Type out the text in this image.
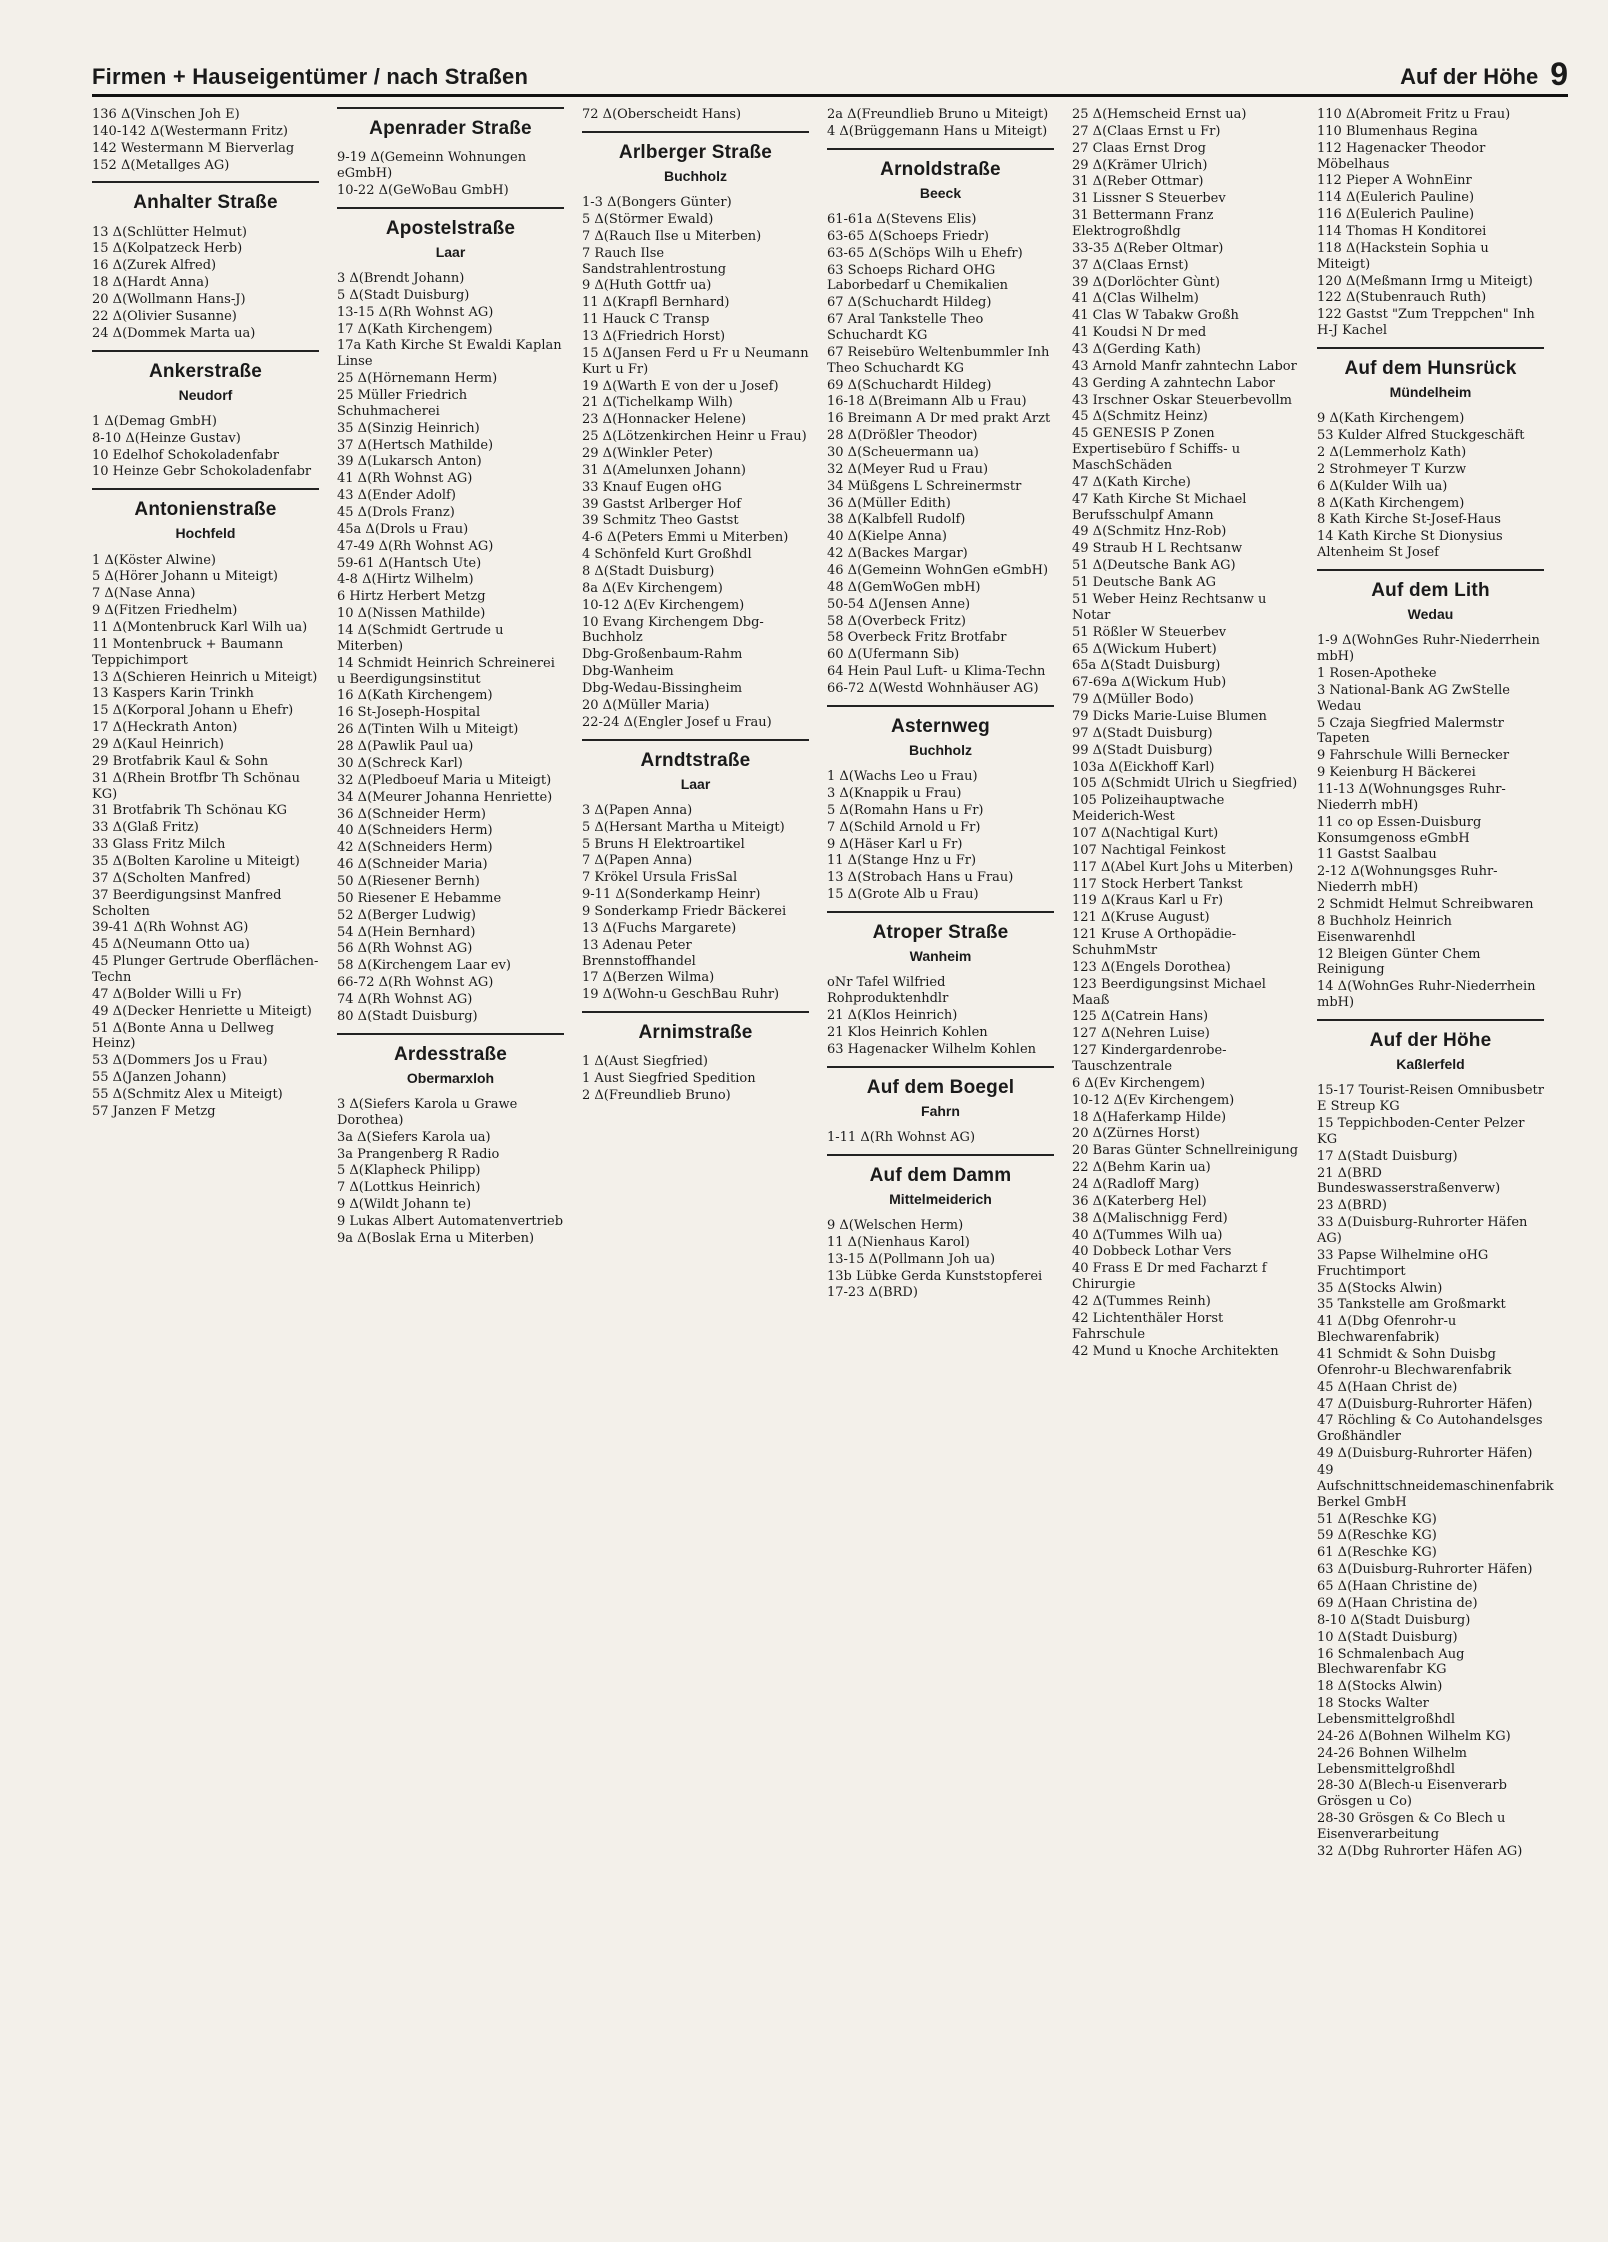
Firmen + Hauseigentümer / nach Straßen	Auf der Höhe 9
136 Δ(Vinschen Joh E)
140-142 Δ(Westermann Fritz)
142 Westermann M Bierverlag
152 Δ(Metallges AG)
Anhalter Straße
13 Δ(Schlütter Helmut)
15 Δ(Kolpatzeck Herb)
16 Δ(Zurek Alfred)
18 Δ(Hardt Anna)
20 Δ(Wollmann Hans-J)
22 Δ(Olivier Susanne)
24 Δ(Dommek Marta ua)
Ankerstraße
Neudorf
1 Δ(Demag GmbH)
8-10 Δ(Heinze Gustav)
10 Edelhof Schokoladenfabr
10 Heinze Gebr Schokoladenfabr
Antonienstraße
Hochfeld
1 Δ(Köster Alwine)
5 Δ(Hörer Johann u Miteigt)
7 Δ(Nase Anna)
9 Δ(Fitzen Friedhelm)
11 Δ(Montenbruck Karl Wilh ua)
11 Montenbruck + Baumann Teppichimport
13 Δ(Schieren Heinrich u Miteigt)
13 Kaspers Karin Trinkh
15 Δ(Korporal Johann u Ehefr)
17 Δ(Heckrath Anton)
29 Δ(Kaul Heinrich)
29 Brotfabrik Kaul & Sohn
31 Δ(Rhein Brotfbr Th Schönau KG)
31 Brotfabrik Th Schönau KG
33 Δ(Glaß Fritz)
33 Glass Fritz Milch
35 Δ(Bolten Karoline u Miteigt)
37 Δ(Scholten Manfred)
37 Beerdigungsinst Manfred Scholten
39-41 Δ(Rh Wohnst AG)
45 Δ(Neumann Otto ua)
45 Plunger Gertrude OberflächenTechn
47 Δ(Bolder Willi u Fr)
49 Δ(Decker Henriette u Miteigt)
51 Δ(Bonte Anna u Dellweg Heinz)
53 Δ(Dommers Jos u Frau)
55 Δ(Janzen Johann)
55 Δ(Schmitz Alex u Miteigt)
57 Janzen F Metzg
Apenrader Straße
9-19 Δ(Gemeinn Wohnungen eGmbH)
10-22 Δ(GeWoBau GmbH)
Apostelstraße
Laar
3 Δ(Brendt Johann)
5 Δ(Stadt Duisburg)
13-15 Δ(Rh Wohnst AG)
17 Δ(Kath Kirchengem)
17a Kath Kirche St Ewaldi Kaplan Linse
25 Δ(Hörnemann Herm)
25 Müller Friedrich Schuhmacherei
35 Δ(Sinzig Heinrich)
37 Δ(Hertsch Mathilde)
39 Δ(Lukarsch Anton)
41 Δ(Rh Wohnst AG)
43 Δ(Ender Adolf)
45 Δ(Drols Franz)
45a Δ(Drols u Frau)
47-49 Δ(Rh Wohnst AG)
59-61 Δ(Hantsch Ute)
4-8 Δ(Hirtz Wilhelm)
6 Hirtz Herbert Metzg
10 Δ(Nissen Mathilde)
14 Δ(Schmidt Gertrude u Miterben)
14 Schmidt Heinrich Schreinerei u Beerdigungsinstitut
16 Δ(Kath Kirchengem)
16 St-Joseph-Hospital
26 Δ(Tinten Wilh u Miteigt)
28 Δ(Pawlik Paul ua)
30 Δ(Schreck Karl)
32 Δ(Pledboeuf Maria u Miteigt)
34 Δ(Meurer Johanna Henriette)
36 Δ(Schneider Herm)
40 Δ(Schneiders Herm)
42 Δ(Schneiders Herm)
46 Δ(Schneider Maria)
50 Δ(Riesener Bernh)
50 Riesener E Hebamme
52 Δ(Berger Ludwig)
54 Δ(Hein Bernhard)
56 Δ(Rh Wohnst AG)
58 Δ(Kirchengem Laar ev)
66-72 Δ(Rh Wohnst AG)
74 Δ(Rh Wohnst AG)
80 Δ(Stadt Duisburg)
Ardesstraße
Obermarxloh
3 Δ(Siefers Karola u Grawe Dorothea)
3a Δ(Siefers Karola ua)
3a Prangenberg R Radio
5 Δ(Klapheck Philipp)
7 Δ(Lottkus Heinrich)
9 Δ(Wildt Johann te)
9 Lukas Albert Automatenvertrieb
9a Δ(Boslak Erna u Miterben)
72 Δ(Oberscheidt Hans)
Arlberger Straße
Buchholz
1-3 Δ(Bongers Günter)
5 Δ(Störmer Ewald)
7 Δ(Rauch Ilse u Miterben)
7 Rauch Ilse Sandstrahlentrostung
9 Δ(Huth Gottfr ua)
11 Δ(Krapfl Bernhard)
11 Hauck C Transp
13 Δ(Friedrich Horst)
15 Δ(Jansen Ferd u Fr u Neumann Kurt u Fr)
19 Δ(Warth E von der u Josef)
21 Δ(Tichelkamp Wilh)
23 Δ(Honnacker Helene)
25 Δ(Lötzenkirchen Heinr u Frau)
29 Δ(Winkler Peter)
31 Δ(Amelunxen Johann)
33 Knauf Eugen oHG
39 Gastst Arlberger Hof
39 Schmitz Theo Gastst
4-6 Δ(Peters Emmi u Miterben)
4 Schönfeld Kurt Großhdl
8 Δ(Stadt Duisburg)
8a Δ(Ev Kirchengem)
10-12 Δ(Ev Kirchengem)
10 Evang Kirchengem Dbg-Buchholz
Dbg-Großenbaum-Rahm
Dbg-Wanheim
Dbg-Wedau-Bissingheim
20 Δ(Müller Maria)
22-24 Δ(Engler Josef u Frau)
Arndtstraße
Laar
3 Δ(Papen Anna)
5 Δ(Hersant Martha u Miteigt)
5 Bruns H Elektroartikel
7 Δ(Papen Anna)
7 Krökel Ursula FrisSal
9-11 Δ(Sonderkamp Heinr)
9 Sonderkamp Friedr Bäckerei
13 Δ(Fuchs Margarete)
13 Adenau Peter Brennstoffhandel
17 Δ(Berzen Wilma)
19 Δ(Wohn-u GeschBau Ruhr)
Arnimstraße
1 Δ(Aust Siegfried)
1 Aust Siegfried Spedition
2 Δ(Freundlieb Bruno)
2a Δ(Freundlieb Bruno u Miteigt)
4 Δ(Brüggemann Hans u Miteigt)
Arnoldstraße
Beeck
61-61a Δ(Stevens Elis)
63-65 Δ(Schoeps Friedr)
63-65 Δ(Schöps Wilh u Ehefr)
63 Schoeps Richard OHG Laborbedarf u Chemikalien
67 Δ(Schuchardt Hildeg)
67 Aral Tankstelle Theo Schuchardt KG
67 Reisebüro Weltenbummler Inh Theo Schuchardt KG
69 Δ(Schuchardt Hildeg)
16-18 Δ(Breimann Alb u Frau)
16 Breimann A Dr med prakt Arzt
28 Δ(Drößler Theodor)
30 Δ(Scheuermann ua)
32 Δ(Meyer Rud u Frau)
34 Müßgens L Schreinermstr
36 Δ(Müller Edith)
38 Δ(Kalbfell Rudolf)
40 Δ(Kielpe Anna)
42 Δ(Backes Margar)
46 Δ(Gemeinn WohnGen eGmbH)
48 Δ(GemWoGen mbH)
50-54 Δ(Jensen Anne)
58 Δ(Overbeck Fritz)
58 Overbeck Fritz Brotfabr
60 Δ(Ufermann Sib)
64 Hein Paul Luft- u Klima-Techn
66-72 Δ(Westd Wohnhäuser AG)
Asternweg
Buchholz
1 Δ(Wachs Leo u Frau)
3 Δ(Knappik u Frau)
5 Δ(Romahn Hans u Fr)
7 Δ(Schild Arnold u Fr)
9 Δ(Häser Karl u Fr)
11 Δ(Stange Hnz u Fr)
13 Δ(Strobach Hans u Frau)
15 Δ(Grote Alb u Frau)
Atroper Straße
Wanheim
oNr Tafel Wilfried Rohproduktenhdlr
21 Δ(Klos Heinrich)
21 Klos Heinrich Kohlen
63 Hagenacker Wilhelm Kohlen
Auf dem Boegel
Fahrn
1-11 Δ(Rh Wohnst AG)
Auf dem Damm
Mittelmeiderich
9 Δ(Welschen Herm)
11 Δ(Nienhaus Karol)
13-15 Δ(Pollmann Joh ua)
13b Lübke Gerda Kunststopferei
17-23 Δ(BRD)
25 Δ(Hemscheid Ernst ua)
27 Δ(Claas Ernst u Fr)
27 Claas Ernst Drog
29 Δ(Krämer Ulrich)
31 Δ(Reber Ottmar)
31 Lissner S Steuerbev
31 Bettermann Franz Elektrogroßhdlg
33-35 Δ(Reber Oltmar)
37 Δ(Claas Ernst)
39 Δ(Dorlöchter Gùnt)
41 Δ(Clas Wilhelm)
41 Clas W Tabakw Großh
41 Koudsi N Dr med
43 Δ(Gerding Kath)
43 Arnold Manfr zahntechn Labor
43 Gerding A zahntechn Labor
43 Irschner Oskar Steuerbevollm
45 Δ(Schmitz Heinz)
45 GENESIS P Zonen Expertisebüro f Schiffs- u MaschSchäden
47 Δ(Kath Kirche)
47 Kath Kirche St Michael Berufsschulpf Amann
49 Δ(Schmitz Hnz-Rob)
49 Straub H L Rechtsanw
51 Δ(Deutsche Bank AG)
51 Deutsche Bank AG
51 Weber Heinz Rechtsanw u Notar
51 Rößler W Steuerbev
65 Δ(Wickum Hubert)
65a Δ(Stadt Duisburg)
67-69a Δ(Wickum Hub)
79 Δ(Müller Bodo)
79 Dicks Marie-Luise Blumen
97 Δ(Stadt Duisburg)
99 Δ(Stadt Duisburg)
103a Δ(Eickhoff Karl)
105 Δ(Schmidt Ulrich u Siegfried)
105 Polizeihauptwache Meiderich-West
107 Δ(Nachtigal Kurt)
107 Nachtigal Feinkost
117 Δ(Abel Kurt Johs u Miterben)
117 Stock Herbert Tankst
119 Δ(Kraus Karl u Fr)
121 Δ(Kruse August)
121 Kruse A Orthopädie-SchuhmMstr
123 Δ(Engels Dorothea)
123 Beerdigungsinst Michael Maaß
125 Δ(Catrein Hans)
127 Δ(Nehren Luise)
127 Kindergardenrobe-Tauschzentrale
6 Δ(Ev Kirchengem)
10-12 Δ(Ev Kirchengem)
18 Δ(Haferkamp Hilde)
20 Δ(Zürnes Horst)
20 Baras Günter Schnellreinigung
22 Δ(Behm Karin ua)
24 Δ(Radloff Marg)
36 Δ(Katerberg Hel)
38 Δ(Malischnigg Ferd)
40 Δ(Tummes Wilh ua)
40 Dobbeck Lothar Vers
40 Frass E Dr med Facharzt f Chirurgie
42 Δ(Tummes Reinh)
42 Lichtenthäler Horst Fahrschule
42 Mund u Knoche Architekten
110 Δ(Abromeit Fritz u Frau)
110 Blumenhaus Regina
112 Hagenacker Theodor Möbelhaus
112 Pieper A WohnEinr
114 Δ(Eulerich Pauline)
116 Δ(Eulerich Pauline)
114 Thomas H Konditorei
118 Δ(Hackstein Sophia u Miteigt)
120 Δ(Meßmann Irmg u Miteigt)
122 Δ(Stubenrauch Ruth)
122 Gastst "Zum Treppchen" Inh H-J Kachel
Auf dem Hunsrück
Mündelheim
9 Δ(Kath Kirchengem)
53 Kulder Alfred Stuckgeschäft
2 Δ(Lemmerholz Kath)
2 Strohmeyer T Kurzw
6 Δ(Kulder Wilh ua)
8 Δ(Kath Kirchengem)
8 Kath Kirche St-Josef-Haus
14 Kath Kirche St Dionysius Altenheim St Josef
Auf dem Lith
Wedau
1-9 Δ(WohnGes Ruhr-Niederrhein mbH)
1 Rosen-Apotheke
3 National-Bank AG ZwStelle Wedau
5 Czaja Siegfried Malermstr Tapeten
9 Fahrschule Willi Bernecker
9 Keienburg H Bäckerei
11-13 Δ(Wohnungsges Ruhr-Niederrh mbH)
11 co op Essen-Duisburg Konsumgenoss eGmbH
11 Gastst Saalbau
2-12 Δ(Wohnungsges Ruhr-Niederrh mbH)
2 Schmidt Helmut Schreibwaren
8 Buchholz Heinrich Eisenwarenhdl
12 Bleigen Günter Chem Reinigung
14 Δ(WohnGes Ruhr-Niederrhein mbH)
Auf der Höhe
Kaßlerfeld
15-17 Tourist-Reisen Omnibusbetr E Streup KG
15 Teppichboden-Center Pelzer KG
17 Δ(Stadt Duisburg)
21 Δ(BRD Bundeswasserstraßenverw)
23 Δ(BRD)
33 Δ(Duisburg-Ruhrorter Häfen AG)
33 Papse Wilhelmine oHG Fruchtimport
35 Δ(Stocks Alwin)
35 Tankstelle am Großmarkt
41 Δ(Dbg Ofenrohr-u Blechwarenfabrik)
41 Schmidt & Sohn Duisbg Ofenrohr-u Blechwarenfabrik
45 Δ(Haan Christ de)
47 Δ(Duisburg-Ruhrorter Häfen)
47 Röchling & Co Autohandelsges Großhändler
49 Δ(Duisburg-Ruhrorter Häfen)
49 Aufschnittschneidemaschinenfabrik Berkel GmbH
51 Δ(Reschke KG)
59 Δ(Reschke KG)
61 Δ(Reschke KG)
63 Δ(Duisburg-Ruhrorter Häfen)
65 Δ(Haan Christine de)
69 Δ(Haan Christina de)
8-10 Δ(Stadt Duisburg)
10 Δ(Stadt Duisburg)
16 Schmalenbach Aug Blechwarenfabr KG
18 Δ(Stocks Alwin)
18 Stocks Walter Lebensmittelgroßhdl
24-26 Δ(Bohnen Wilhelm KG)
24-26 Bohnen Wilhelm Lebensmittelgroßhdl
28-30 Δ(Blech-u Eisenverarb Grösgen u Co)
28-30 Grösgen & Co Blech u Eisenverarbeitung
32 Δ(Dbg Ruhrorter Häfen AG)
